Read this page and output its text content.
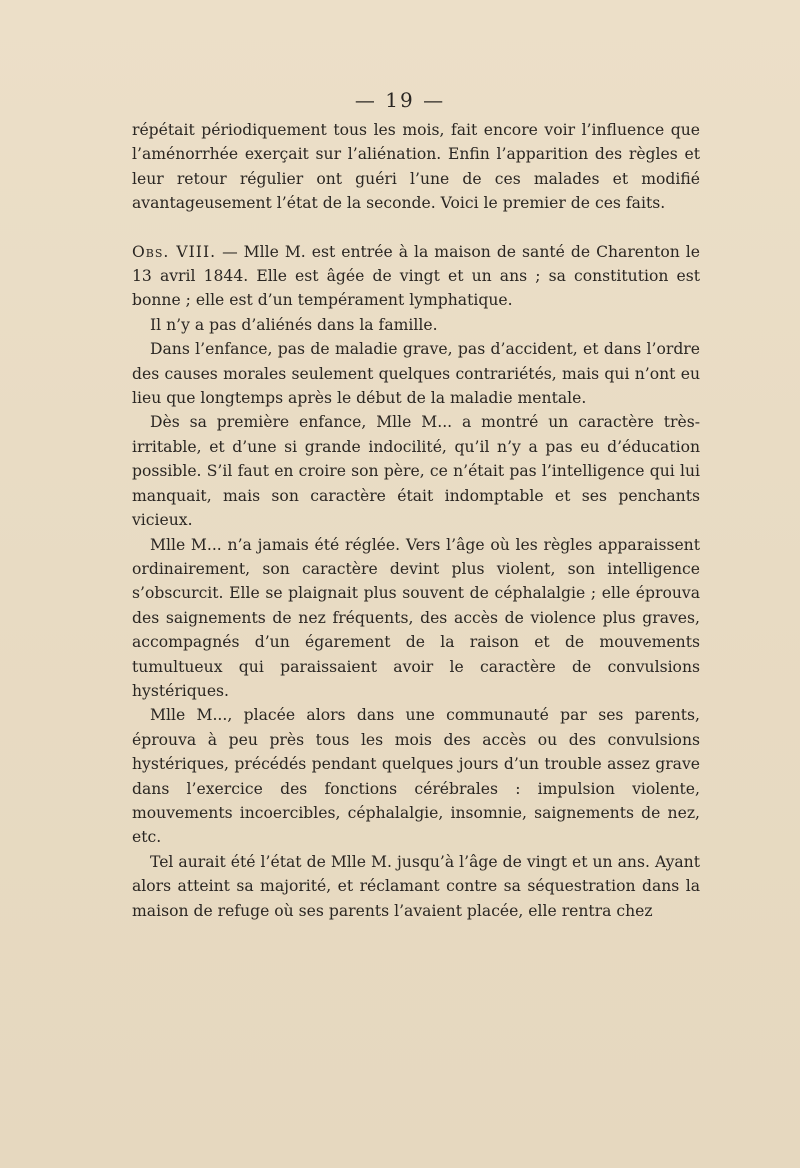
— 19 —

répétait périodiquement tous les mois, fait encore voir l’influence que l’aménorrhée exerçait sur l’aliénation. Enfin l’apparition des règles et leur retour régulier ont guéri l’une de ces malades et modifié avantageusement l’état de la seconde. Voici le premier de ces faits.

Obs. VIII. — Mlle M. est entrée à la maison de santé de Charenton le 13 avril 1844. Elle est âgée de vingt et un ans ; sa constitution est bonne ; elle est d’un tempérament lymphatique.

Il n’y a pas d’aliénés dans la famille.

Dans l’enfance, pas de maladie grave, pas d’accident, et dans l’ordre des causes morales seulement quelques contrariétés, mais qui n’ont eu lieu que longtemps après le début de la maladie mentale.

Dès sa première enfance, Mlle M... a montré un caractère très-irritable, et d’une si grande indocilité, qu’il n’y a pas eu d’éducation possible. S’il faut en croire son père, ce n’était pas l’intelligence qui lui manquait, mais son caractère était indomptable et ses penchants vicieux.

Mlle M... n’a jamais été réglée. Vers l’âge où les règles apparaissent ordinairement, son caractère devint plus violent, son intelligence s’obscurcit. Elle se plaignait plus souvent de céphalalgie ; elle éprouva des saignements de nez fréquents, des accès de violence plus graves, accompagnés d’un égarement de la raison et de mouvements tumultueux qui paraissaient avoir le caractère de convulsions hystériques.

Mlle M..., placée alors dans une communauté par ses parents, éprouva à peu près tous les mois des accès ou des convulsions hystériques, précédés pendant quelques jours d’un trouble assez grave dans l’exercice des fonctions cérébrales : impulsion violente, mouvements incoercibles, céphalalgie, insomnie, saignements de nez, etc.

Tel aurait été l’état de Mlle M. jusqu’à l’âge de vingt et un ans. Ayant alors atteint sa majorité, et réclamant contre sa séquestration dans la maison de refuge où ses parents l’avaient placée, elle rentra chez
